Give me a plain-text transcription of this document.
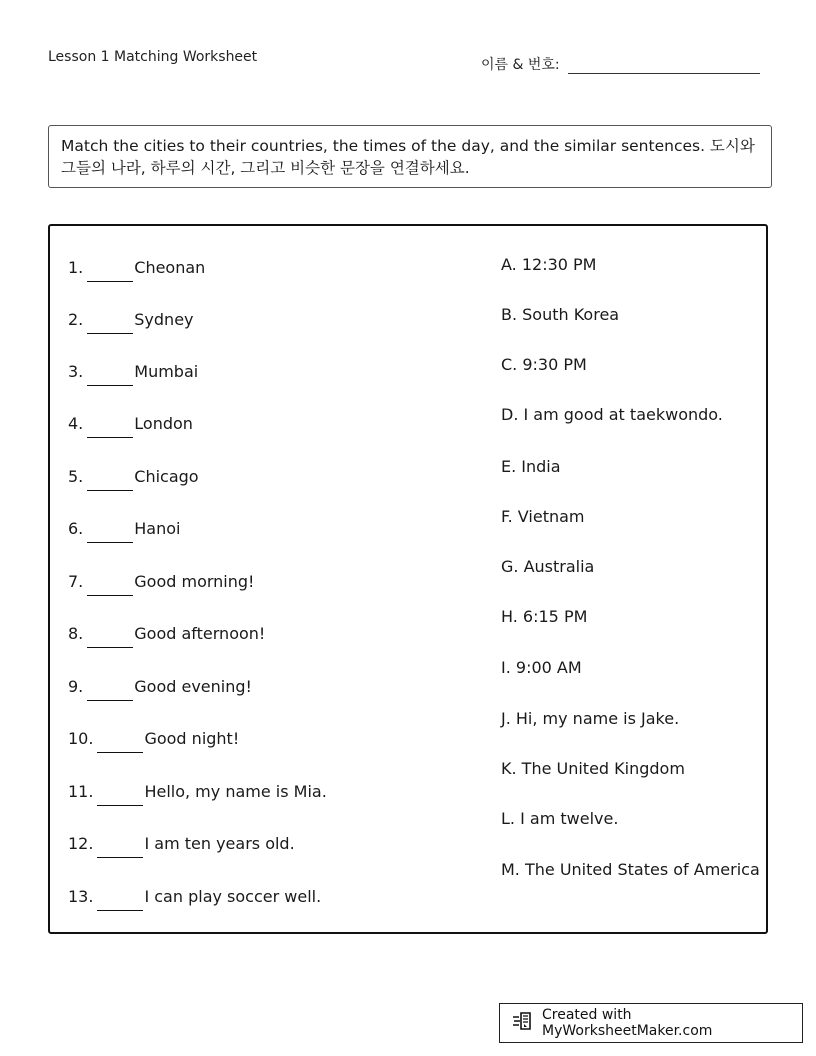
Lesson 1 Matching Worksheet	이름 & 번호:
Match the cities to their countries, the times of the day, and the similar sentences. 도시와 그들의 나라, 하루의 시간, 그리고 비슷한 문장을 연결하세요.
1.	Cheonan
2.	Sydney
3.	Mumbai
4.	London
5.	Chicago
6.	Hanoi
7.	Good morning!
8.	Good afternoon!
9.	Good evening!
10.	Good night!
11.	Hello, my name is Mia.
12.	I am ten years old.
13.	I can play soccer well.
A. 12:30 PM
B. South Korea
C. 9:30 PM
D. I am good at taekwondo.
E. India
F. Vietnam
G. Australia
H. 6:15 PM
I. 9:00 AM
J. Hi, my name is Jake.
K. The United Kingdom
L. I am twelve.
M. The United States of America
Created with MyWorksheetMaker.com
